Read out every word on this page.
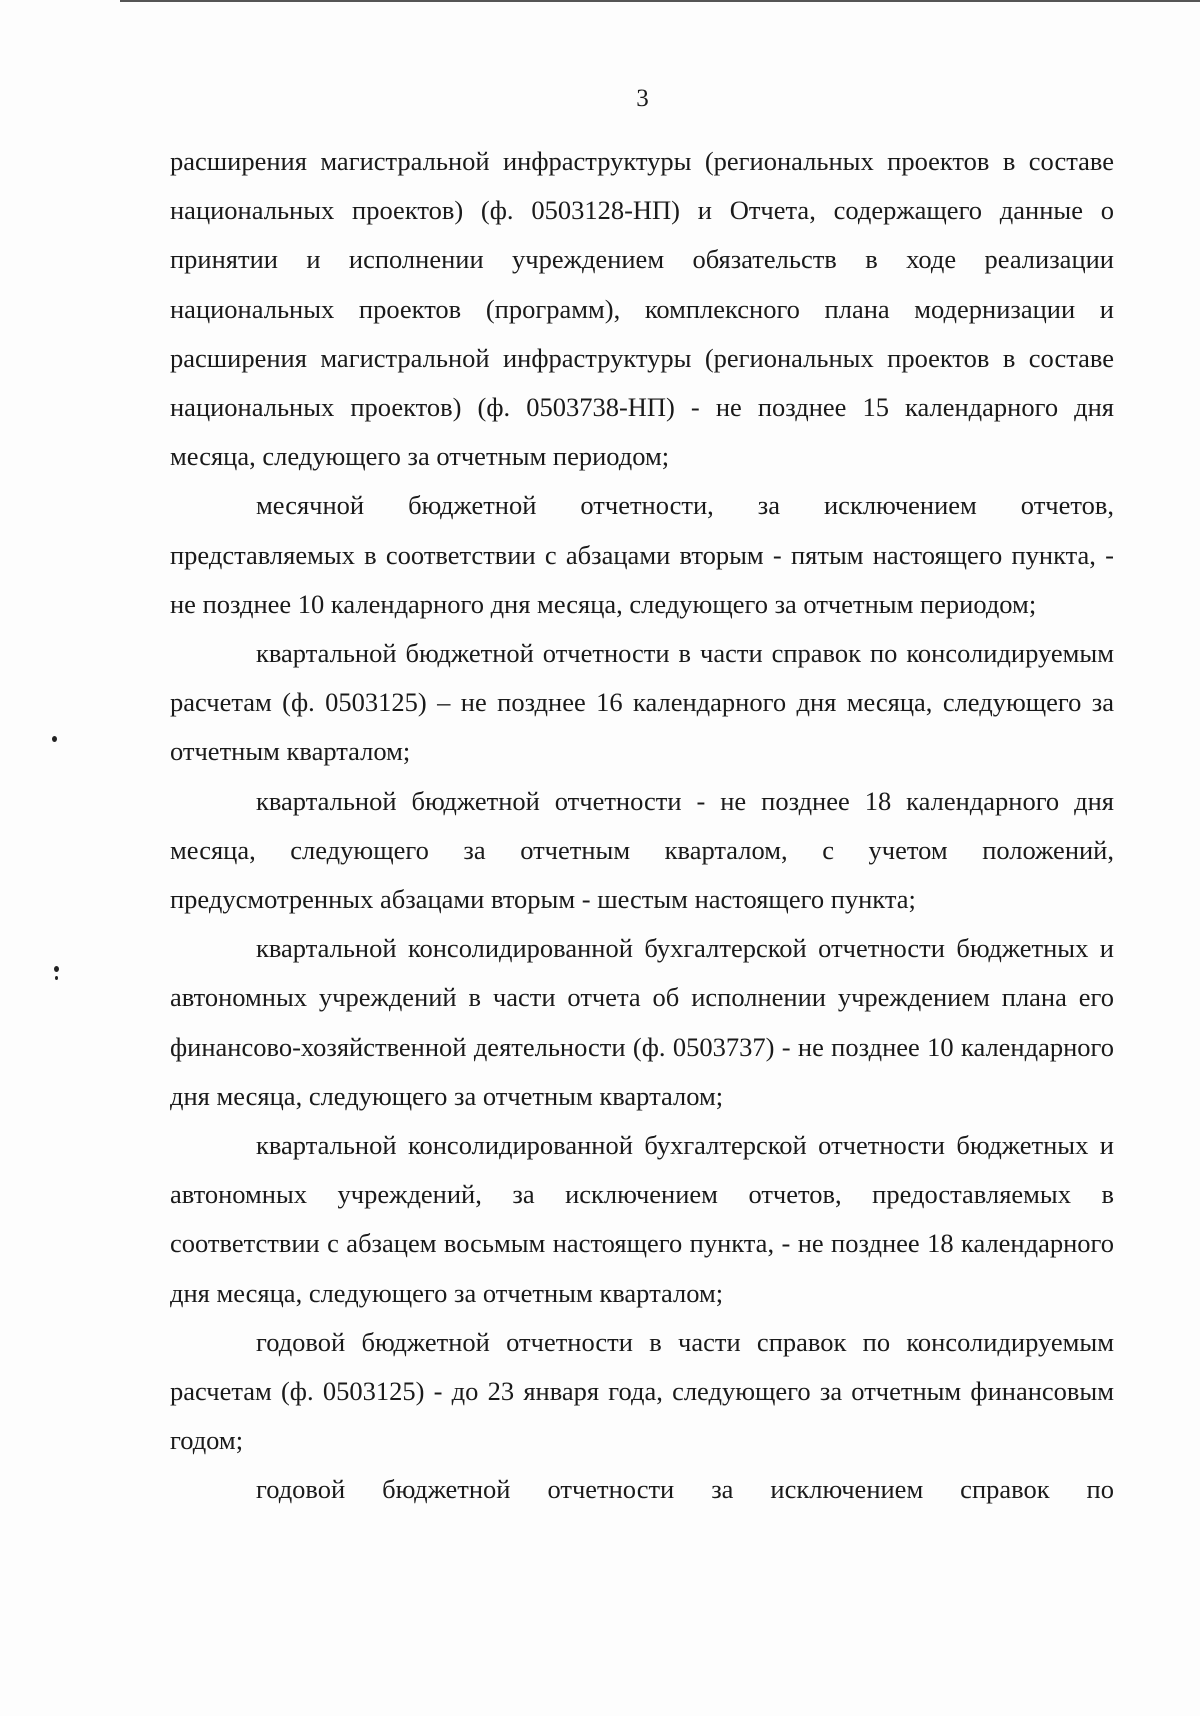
3

расширения магистральной инфраструктуры (региональных проектов в составе национальных проектов) (ф. 0503128-НП) и Отчета, содержащего данные о принятии и исполнении учреждением обязательств в ходе реализации национальных проектов (программ), комплексного плана модернизации и расширения магистральной инфраструктуры (региональных проектов в составе национальных проектов) (ф. 0503738-НП) - не позднее 15 календарного дня месяца, следующего за отчетным периодом;

месячной бюджетной отчетности, за исключением отчетов, представляемых в соответствии с абзацами вторым - пятым настоящего пункта, - не позднее 10 календарного дня месяца, следующего за отчетным периодом;

квартальной бюджетной отчетности в части справок по консолидируемым расчетам (ф. 0503125) – не позднее 16 календарного дня месяца, следующего за отчетным кварталом;

квартальной бюджетной отчетности - не позднее 18 календарного дня месяца, следующего за отчетным кварталом, с учетом положений, предусмотренных абзацами вторым - шестым настоящего пункта;

квартальной консолидированной бухгалтерской отчетности бюджетных и автономных учреждений в части отчета об исполнении учреждением плана его финансово-хозяйственной деятельности (ф. 0503737) - не позднее 10 календарного дня месяца, следующего за отчетным кварталом;

квартальной консолидированной бухгалтерской отчетности бюджетных и автономных учреждений, за исключением отчетов, предоставляемых в соответствии с абзацем восьмым настоящего пункта, - не позднее 18 календарного дня месяца, следующего за отчетным кварталом;

годовой бюджетной отчетности в части справок по консолидируемым расчетам (ф. 0503125) - до 23 января года, следующего за отчетным финансовым годом;

годовой бюджетной отчетности за исключением справок по
